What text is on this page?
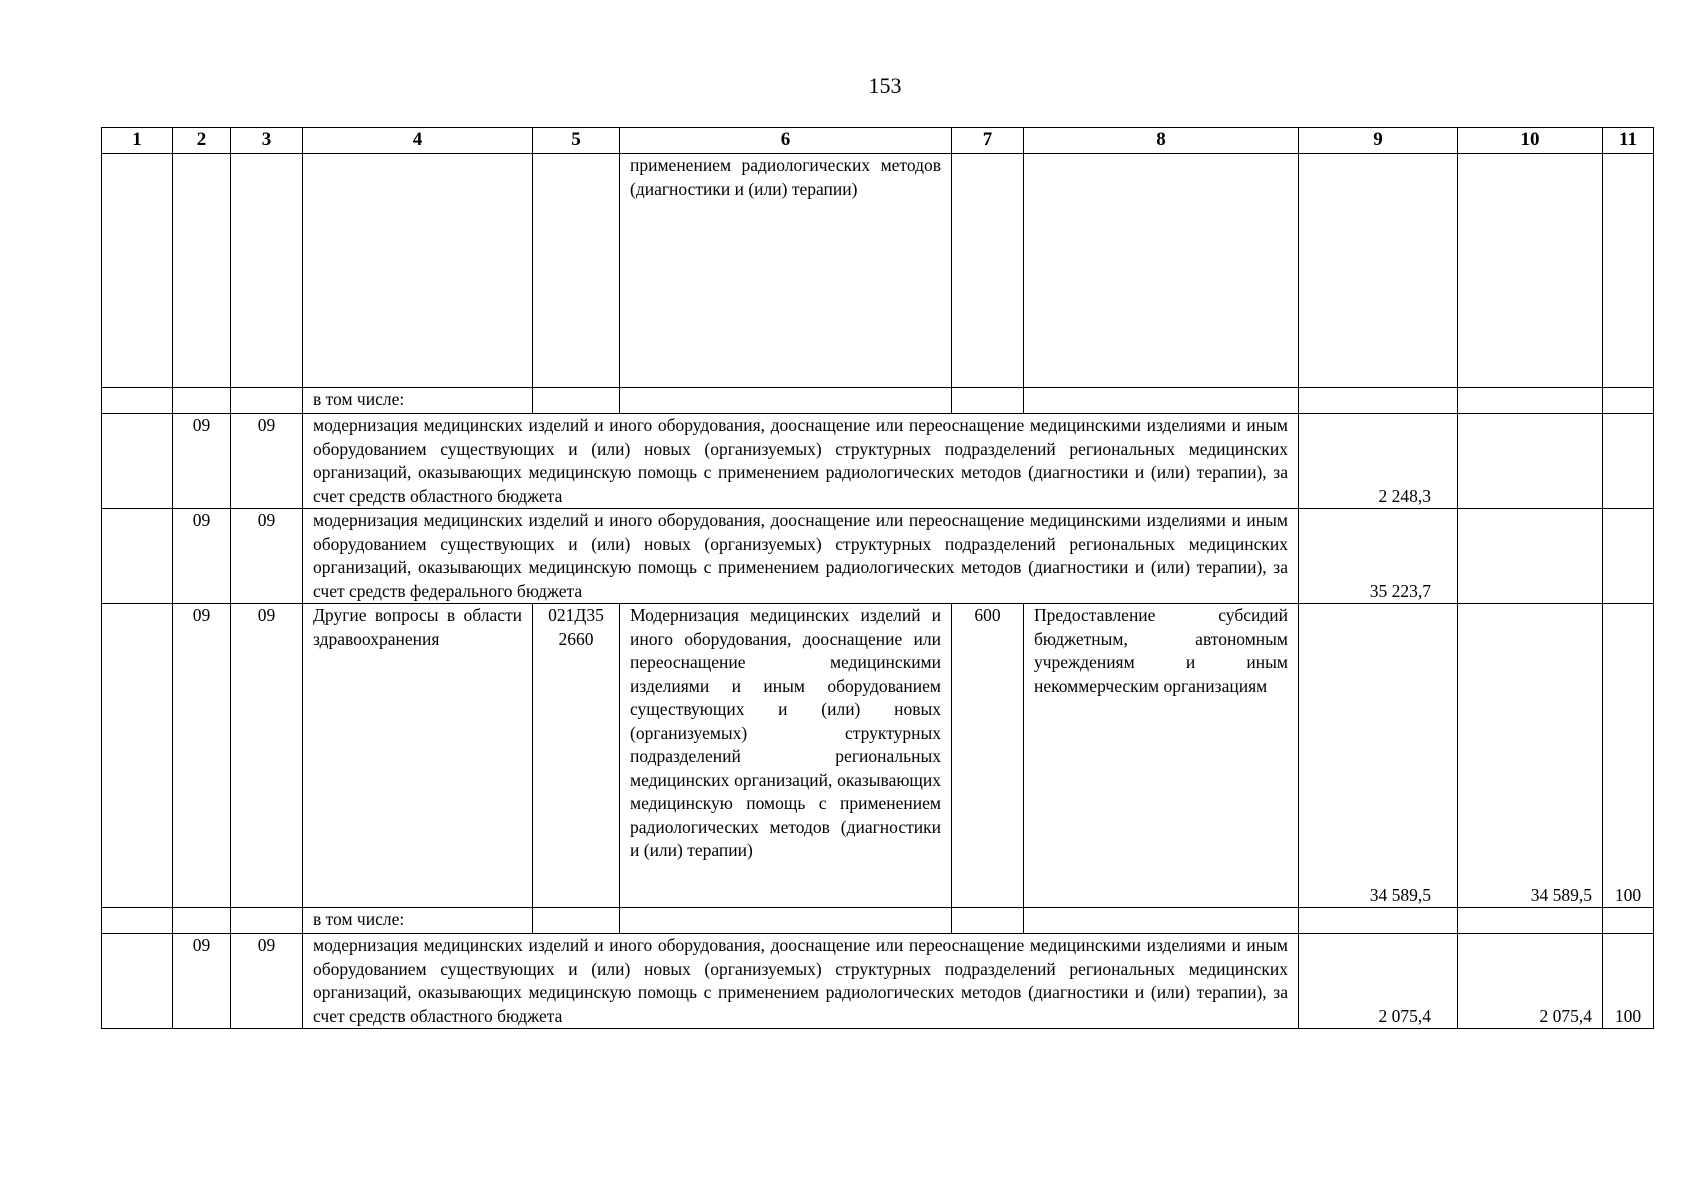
153
1	2	3	4	5	6	7	8	9	10	11
					применением радиологических методов (диагностики и (или) терапии)					
			в том числе:							
	09	09	модернизация медицинских изделий и иного оборудования, дооснащение или переоснащение медицинскими изделиями и иным оборудованием существующих и (или) новых (организуемых) структурных подразделений региональных медицинских организаций, оказывающих медицинскую помощь с применением радиологических методов (диагностики и (или) терапии), за счет средств областного бюджета					2 248,3		
	09	09	модернизация медицинских изделий и иного оборудования, дооснащение или переоснащение медицинскими изделиями и иным оборудованием существующих и (или) новых (организуемых) структурных подразделений региональных медицинских организаций, оказывающих медицинскую помощь с применением радиологических методов (диагностики и (или) терапии), за счет средств федерального бюджета					35 223,7		
	09	09	Другие вопросы в области здравоохранения	021Д35 2660	Модернизация медицинских изделий и иного оборудования, дооснащение или переоснащение медицинскими изделиями и иным оборудованием существующих и (или) новых (организуемых) структурных подразделений региональных медицинских организаций, оказывающих медицинскую помощь с применением радиологических методов (диагностики и (или) терапии)	600	Предоставление субсидий бюджетным, автономным учреждениям и иным некоммерческим организациям	34 589,5	34 589,5	100
			в том числе:							
	09	09	модернизация медицинских изделий и иного оборудования, дооснащение или переоснащение медицинскими изделиями и иным оборудованием существующих и (или) новых (организуемых) структурных подразделений региональных медицинских организаций, оказывающих медицинскую помощь с применением радиологических методов (диагностики и (или) терапии), за счет средств областного бюджета					2 075,4	2 075,4	100
